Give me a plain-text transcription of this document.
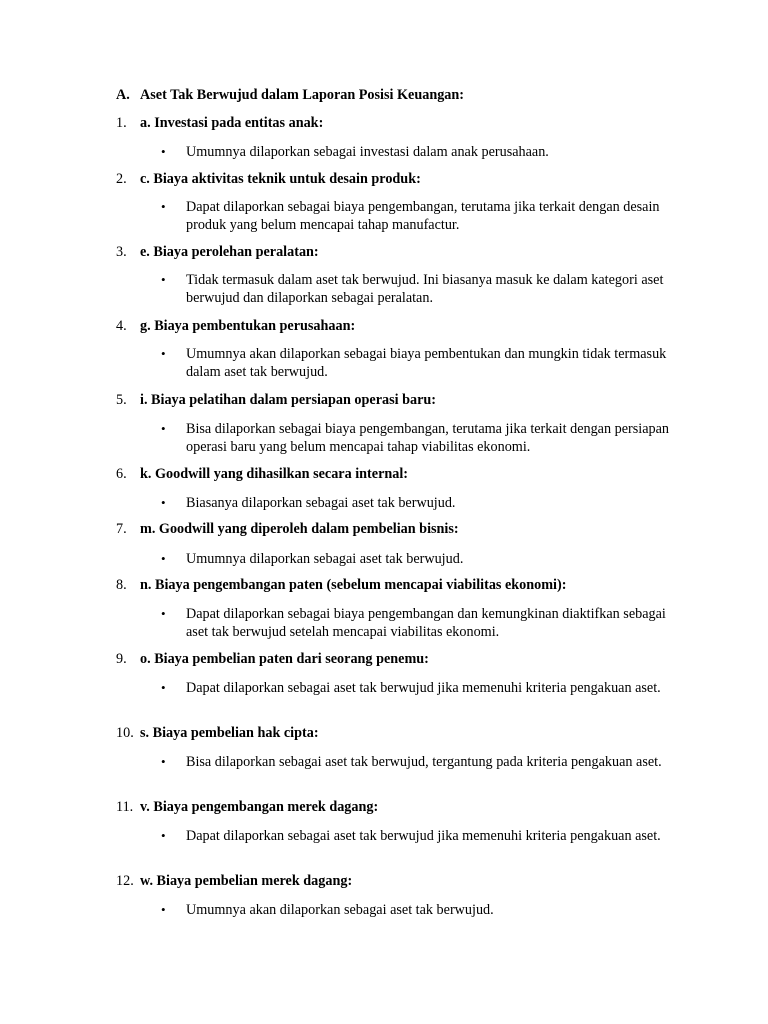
A. Aset Tak Berwujud dalam Laporan Posisi Keuangan:
1. a. Investasi pada entitas anak:
• Umumnya dilaporkan sebagai investasi dalam anak perusahaan.
2. c. Biaya aktivitas teknik untuk desain produk:
• Dapat dilaporkan sebagai biaya pengembangan, terutama jika terkait dengan desain produk yang belum mencapai tahap manufactur.
3. e. Biaya perolehan peralatan:
• Tidak termasuk dalam aset tak berwujud. Ini biasanya masuk ke dalam kategori aset berwujud dan dilaporkan sebagai peralatan.
4. g. Biaya pembentukan perusahaan:
• Umumnya akan dilaporkan sebagai biaya pembentukan dan mungkin tidak termasuk dalam aset tak berwujud.
5. i. Biaya pelatihan dalam persiapan operasi baru:
• Bisa dilaporkan sebagai biaya pengembangan, terutama jika terkait dengan persiapan operasi baru yang belum mencapai tahap viabilitas ekonomi.
6. k. Goodwill yang dihasilkan secara internal:
• Biasanya dilaporkan sebagai aset tak berwujud.
7. m. Goodwill yang diperoleh dalam pembelian bisnis:
• Umumnya dilaporkan sebagai aset tak berwujud.
8. n. Biaya pengembangan paten (sebelum mencapai viabilitas ekonomi):
• Dapat dilaporkan sebagai biaya pengembangan dan kemungkinan diaktifkan sebagai aset tak berwujud setelah mencapai viabilitas ekonomi.
9. o. Biaya pembelian paten dari seorang penemu:
• Dapat dilaporkan sebagai aset tak berwujud jika memenuhi kriteria pengakuan aset.
10. s. Biaya pembelian hak cipta:
• Bisa dilaporkan sebagai aset tak berwujud, tergantung pada kriteria pengakuan aset.
11. v. Biaya pengembangan merek dagang:
• Dapat dilaporkan sebagai aset tak berwujud jika memenuhi kriteria pengakuan aset.
12. w. Biaya pembelian merek dagang:
• Umumnya akan dilaporkan sebagai aset tak berwujud.
